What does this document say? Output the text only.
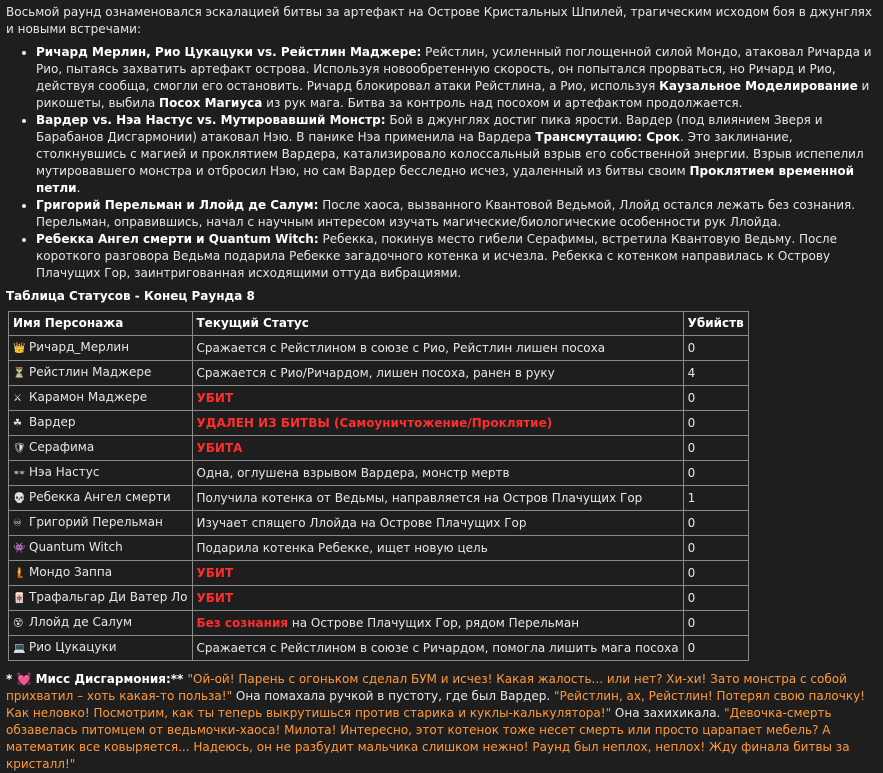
Восьмой раунд ознаменовался эскалацией битвы за артефакт на Острове Кристальных Шпилей, трагическим исходом боя в джунглях и новыми встречами:

• Ричард Мерлин, Рио Цукацуки vs. Рейстлин Маджере: Рейстлин, усиленный поглощенной силой Мондо, атаковал Ричарда и Рио, пытаясь захватить артефакт острова. Используя новообретенную скорость, он попытался прорваться, но Ричард и Рио, действуя сообща, смогли его остановить. Ричард блокировал атаки Рейстлина, а Рио, используя Каузальное Моделирование и рикошеты, выбила Посох Магиуса из рук мага. Битва за контроль над посохом и артефактом продолжается.
• Вардер vs. Нэа Настус vs. Мутировавший Монстр: Бой в джунглях достиг пика ярости. Вардер (под влиянием Зверя и Барабанов Дисгармонии) атаковал Нэю. В панике Нэа применила на Вардера Трансмутацию: Срок. Это заклинание, столкнувшись с магией и проклятием Вардера, катализировало колоссальный взрыв его собственной энергии. Взрыв испепелил мутировавшего монстра и отбросил Нэю, но сам Вардер бесследно исчез, удаленный из битвы своим Проклятием временной петли.
• Григорий Перельман и Ллойд де Салум: После хаоса, вызванного Квантовой Ведьмой, Ллойд остался лежать без сознания. Перельман, оправившись, начал с научным интересом изучать магические/биологические особенности рук Ллойда.
• Ребекка Ангел смерти и Quantum Witch: Ребекка, покинув место гибели Серафимы, встретила Квантовую Ведьму. После короткого разговора Ведьма подарила Ребекке загадочного котенка и исчезла. Ребекка с котенком направилась к Острову Плачущих Гор, заинтригованная исходящими оттуда вибрациями.

Таблица Статусов - Конец Раунда 8

Имя Персонажа	Текущий Статус	Убийств
👑 Ричард_Мерлин	Сражается с Рейстлином в союзе с Рио, Рейстлин лишен посоха	0
⏳ Рейстлин Маджере	Сражается с Рио/Ричардом, лишен посоха, ранен в руку	4
⚔ Карамон Маджере	УБИТ	0
☘ Вардер	УДАЛЕН ИЗ БИТВЫ (Самоуничтожение/Проклятие)	0
🛡 Серафима	УБИТА	0
👓 Нэа Настус	Одна, оглушена взрывом Вардера, монстр мертв	0
💀 Ребекка Ангел смерти	Получила котенка от Ведьмы, направляется на Остров Плачущих Гор	1
♾ Григорий Перельман	Изучает спящего Ллойда на Острове Плачущих Гор	0
👾 Quantum Witch	Подарила котенка Ребекке, ищет новую цель	0
🧜 Мондо Заппа	УБИТ	0
🀄 Трафальгар Ди Ватер Ло	УБИТ	0
😵 Ллойд де Салум	Без сознания на Острове Плачущих Гор, рядом Перельман	0
💻 Рио Цукацуки	Сражается с Рейстлином в союзе с Ричардом, помогла лишить мага посоха	0

* 💓 Мисс Дисгармония:** "Ой-ой! Парень с огоньком сделал БУМ и исчез! Какая жалость... или нет? Хи-хи! Зато монстра с собой прихватил – хоть какая-то польза!" Она помахала ручкой в пустоту, где был Вардер. "Рейстлин, ах, Рейстлин! Потерял свою палочку! Как неловко! Посмотрим, как ты теперь выкрутишься против старика и куклы-калькулятора!" Она захихикала. "Девочка-смерть обзавелась питомцем от ведьмочки-хаоса! Милота! Интересно, этот котенок тоже несет смерть или просто царапает мебель? А математик все ковыряется... Надеюсь, он не разбудит мальчика слишком нежно! Раунд был неплох, неплох! Жду финала битвы за кристалл!"
